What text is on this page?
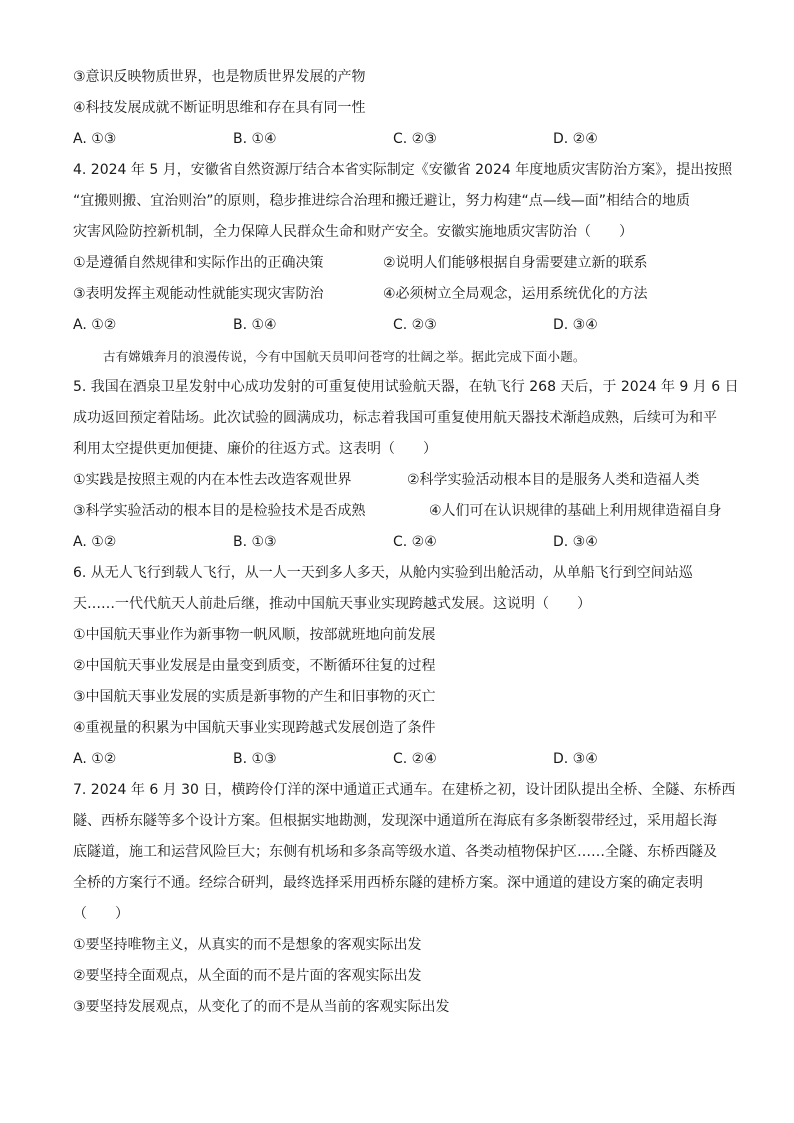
③意识反映物质世界，也是物质世界发展的产物
④科技发展成就不断证明思维和存在具有同一性
A. ①③	B. ①④	C. ②③	D. ②④
4. 2024 年 5 月，安徽省自然资源厅结合本省实际制定《安徽省 2024 年度地质灾害防治方案》，提出按照
“宜搬则搬、宜治则治”的原则，稳步推进综合治理和搬迁避让，努力构建“点—线—面”相结合的地质
灾害风险防控新机制，全力保障人民群众生命和财产安全。安徽实施地质灾害防治（　　）
①是遵循自然规律和实际作出的正确决策	②说明人们能够根据自身需要建立新的联系
③表明发挥主观能动性就能实现灾害防治	④必须树立全局观念，运用系统优化的方法
A. ①②	B. ①④	C. ②③	D. ③④
古有嫦娥奔月的浪漫传说，今有中国航天员叩问苍穹的壮阔之举。据此完成下面小题。
5. 我国在酒泉卫星发射中心成功发射的可重复使用试验航天器，在轨飞行 268 天后，于 2024 年 9 月 6 日
成功返回预定着陆场。此次试验的圆满成功，标志着我国可重复使用航天器技术渐趋成熟，后续可为和平
利用太空提供更加便捷、廉价的往返方式。这表明（　　）
①实践是按照主观的内在本性去改造客观世界	②科学实验活动根本目的是服务人类和造福人类
③科学实验活动的根本目的是检验技术是否成熟	④人们可在认识规律的基础上利用规律造福自身
A. ①②	B. ①③	C. ②④	D. ③④
6. 从无人飞行到载人飞行，从一人一天到多人多天，从舱内实验到出舱活动，从单船飞行到空间站巡
天……一代代航天人前赴后继，推动中国航天事业实现跨越式发展。这说明（　　）
①中国航天事业作为新事物一帆风顺，按部就班地向前发展
②中国航天事业发展是由量变到质变，不断循环往复的过程
③中国航天事业发展的实质是新事物的产生和旧事物的灭亡
④重视量的积累为中国航天事业实现跨越式发展创造了条件
A. ①②	B. ①③	C. ②④	D. ③④
7. 2024 年 6 月 30 日，横跨伶仃洋的深中通道正式通车。在建桥之初，设计团队提出全桥、全隧、东桥西
隧、西桥东隧等多个设计方案。但根据实地勘测，发现深中通道所在海底有多条断裂带经过，采用超长海
底隧道，施工和运营风险巨大；东侧有机场和多条高等级水道、各类动植物保护区……全隧、东桥西隧及
全桥的方案行不通。经综合研判，最终选择采用西桥东隧的建桥方案。深中通道的建设方案的确定表明
（　　）
①要坚持唯物主义，从真实的而不是想象的客观实际出发
②要坚持全面观点，从全面的而不是片面的客观实际出发
③要坚持发展观点，从变化了的而不是从当前的客观实际出发
